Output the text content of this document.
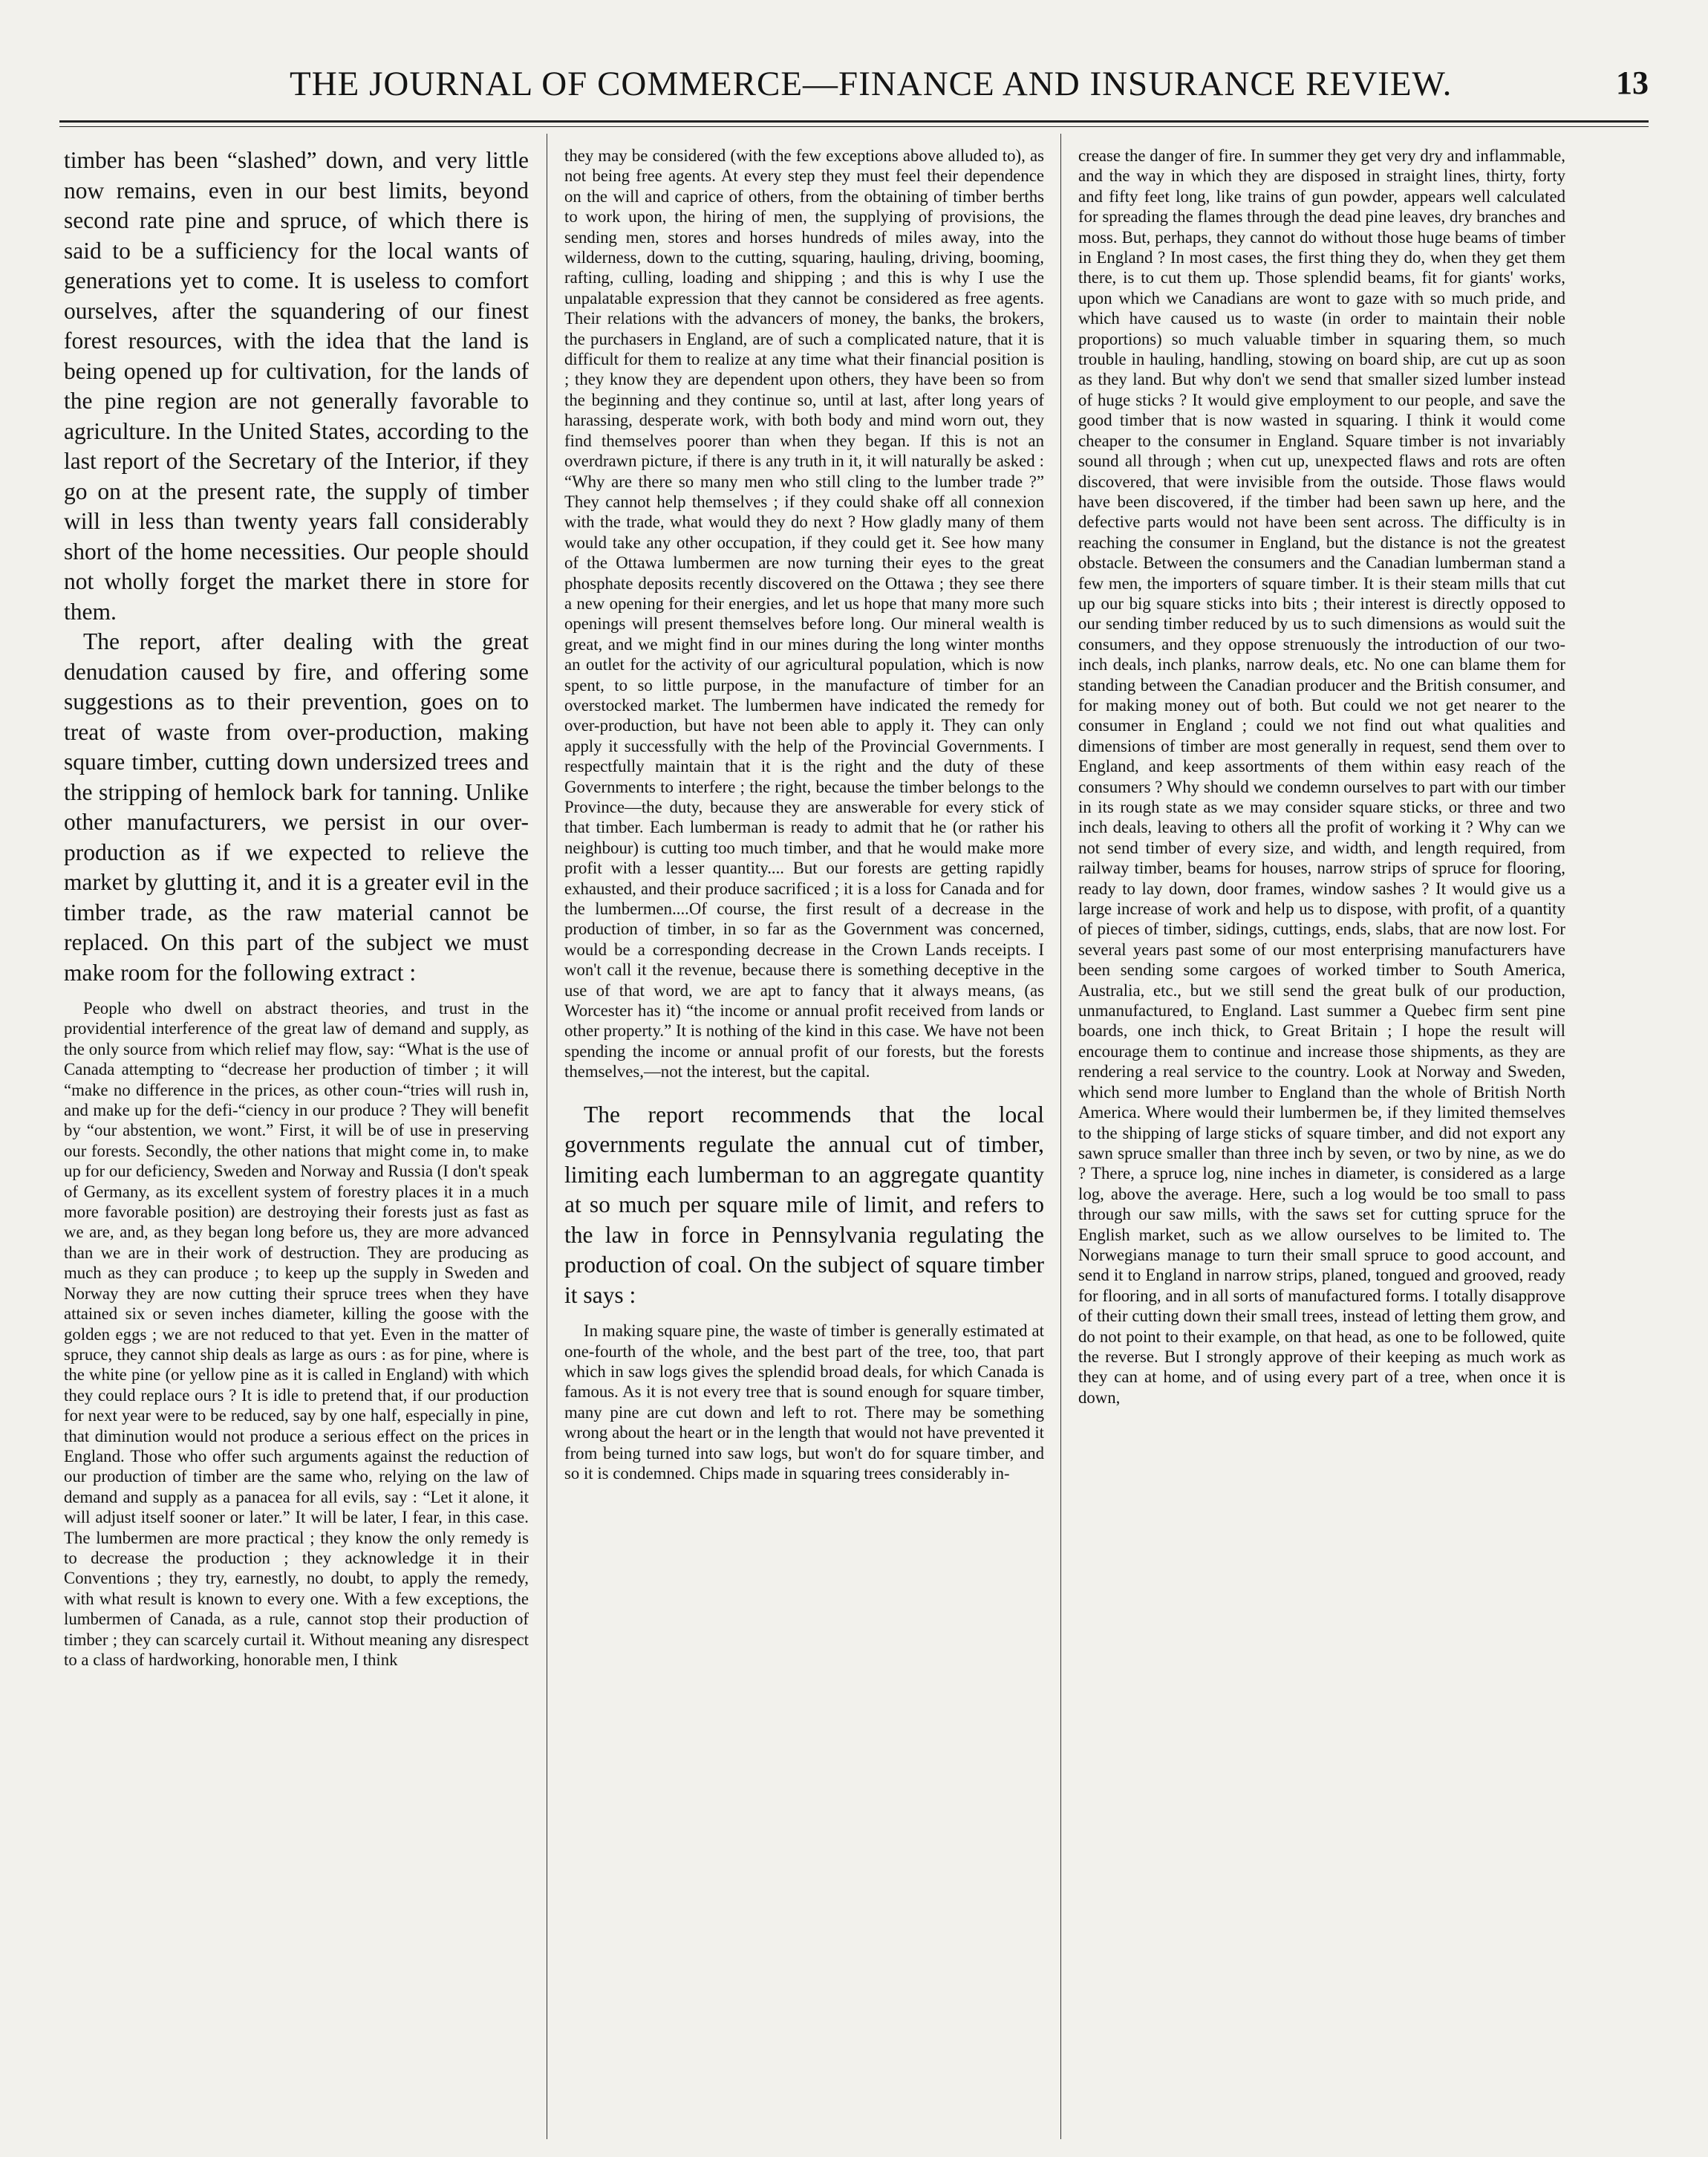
THE JOURNAL OF COMMERCE—FINANCE AND INSURANCE REVIEW.	13

timber has been “slashed” down, and very little now remains, even in our best limits, beyond second rate pine and spruce, of which there is said to be a sufficiency for the local wants of generations yet to come. It is useless to comfort ourselves, after the squandering of our finest forest resources, with the idea that the land is being opened up for cultivation, for the lands of the pine region are not generally favorable to agriculture. In the United States, according to the last report of the Secretary of the Interior, if they go on at the present rate, the supply of timber will in less than twenty years fall considerably short of the home necessities. Our people should not wholly forget the market there in store for them.

The report, after dealing with the great denudation caused by fire, and offering some suggestions as to their prevention, goes on to treat of waste from over-production, making square timber, cutting down undersized trees and the stripping of hemlock bark for tanning. Unlike other manufacturers, we persist in our over-production as if we expected to relieve the market by glutting it, and it is a greater evil in the timber trade, as the raw material cannot be replaced. On this part of the subject we must make room for the following extract :

People who dwell on abstract theories, and trust in the providential interference of the great law of demand and supply, as the only source from which relief may flow, say: “What is the use of Canada attempting to “decrease her production of timber ; it will “make no difference in the prices, as other coun-“tries will rush in, and make up for the defi-“ciency in our produce ? They will benefit by “our abstention, we wont.” First, it will be of use in preserving our forests. Secondly, the other nations that might come in, to make up for our deficiency, Sweden and Norway and Russia (I don't speak of Germany, as its excellent system of forestry places it in a much more favorable position) are destroying their forests just as fast as we are, and, as they began long before us, they are more advanced than we are in their work of destruction. They are producing as much as they can produce ; to keep up the supply in Sweden and Norway they are now cutting their spruce trees when they have attained six or seven inches diameter, killing the goose with the golden eggs ; we are not reduced to that yet. Even in the matter of spruce, they cannot ship deals as large as ours : as for pine, where is the white pine (or yellow pine as it is called in England) with which they could replace ours ? It is idle to pretend that, if our production for next year were to be reduced, say by one half, especially in pine, that diminution would not produce a serious effect on the prices in England. Those who offer such arguments against the reduction of our production of timber are the same who, relying on the law of demand and supply as a panacea for all evils, say : “Let it alone, it will adjust itself sooner or later.” It will be later, I fear, in this case. The lumbermen are more practical ; they know the only remedy is to decrease the production ; they acknowledge it in their Conventions ; they try, earnestly, no doubt, to apply the remedy, with what result is known to every one. With a few exceptions, the lumbermen of Canada, as a rule, cannot stop their production of timber ; they can scarcely curtail it. Without meaning any disrespect to a class of hardworking, honorable men, I think

they may be considered (with the few exceptions above alluded to), as not being free agents. At every step they must feel their dependence on the will and caprice of others, from the obtaining of timber berths to work upon, the hiring of men, the supplying of provisions, the sending men, stores and horses hundreds of miles away, into the wilderness, down to the cutting, squaring, hauling, driving, booming, rafting, culling, loading and shipping ; and this is why I use the unpalatable expression that they cannot be considered as free agents. Their relations with the advancers of money, the banks, the brokers, the purchasers in England, are of such a complicated nature, that it is difficult for them to realize at any time what their financial position is ; they know they are dependent upon others, they have been so from the beginning and they continue so, until at last, after long years of harassing, desperate work, with both body and mind worn out, they find themselves poorer than when they began. If this is not an overdrawn picture, if there is any truth in it, it will naturally be asked : “Why are there so many men who still cling to the lumber trade ?” They cannot help themselves ; if they could shake off all connexion with the trade, what would they do next ? How gladly many of them would take any other occupation, if they could get it. See how many of the Ottawa lumbermen are now turning their eyes to the great phosphate deposits recently discovered on the Ottawa ; they see there a new opening for their energies, and let us hope that many more such openings will present themselves before long. Our mineral wealth is great, and we might find in our mines during the long winter months an outlet for the activity of our agricultural population, which is now spent, to so little purpose, in the manufacture of timber for an overstocked market. The lumbermen have indicated the remedy for over-production, but have not been able to apply it. They can only apply it successfully with the help of the Provincial Governments. I respectfully maintain that it is the right and the duty of these Governments to interfere ; the right, because the timber belongs to the Province—the duty, because they are answerable for every stick of that timber. Each lumberman is ready to admit that he (or rather his neighbour) is cutting too much timber, and that he would make more profit with a lesser quantity.... But our forests are getting rapidly exhausted, and their produce sacrificed ; it is a loss for Canada and for the lumbermen....Of course, the first result of a decrease in the production of timber, in so far as the Government was concerned, would be a corresponding decrease in the Crown Lands receipts. I won't call it the revenue, because there is something deceptive in the use of that word, we are apt to fancy that it always means, (as Worcester has it) “the income or annual profit received from lands or other property.” It is nothing of the kind in this case. We have not been spending the income or annual profit of our forests, but the forests themselves,—not the interest, but the capital.

The report recommends that the local governments regulate the annual cut of timber, limiting each lumberman to an aggregate quantity at so much per square mile of limit, and refers to the law in force in Pennsylvania regulating the production of coal. On the subject of square timber it says :

In making square pine, the waste of timber is generally estimated at one-fourth of the whole, and the best part of the tree, too, that part which in saw logs gives the splendid broad deals, for which Canada is famous. As it is not every tree that is sound enough for square timber, many pine are cut down and left to rot. There may be something wrong about the heart or in the length that would not have prevented it from being turned into saw logs, but won't do for square timber, and so it is condemned. Chips made in squaring trees considerably in-

crease the danger of fire. In summer they get very dry and inflammable, and the way in which they are disposed in straight lines, thirty, forty and fifty feet long, like trains of gun powder, appears well calculated for spreading the flames through the dead pine leaves, dry branches and moss. But, perhaps, they cannot do without those huge beams of timber in England ? In most cases, the first thing they do, when they get them there, is to cut them up. Those splendid beams, fit for giants' works, upon which we Canadians are wont to gaze with so much pride, and which have caused us to waste (in order to maintain their noble proportions) so much valuable timber in squaring them, so much trouble in hauling, handling, stowing on board ship, are cut up as soon as they land. But why don't we send that smaller sized lumber instead of huge sticks ? It would give employment to our people, and save the good timber that is now wasted in squaring. I think it would come cheaper to the consumer in England. Square timber is not invariably sound all through ; when cut up, unexpected flaws and rots are often discovered, that were invisible from the outside. Those flaws would have been discovered, if the timber had been sawn up here, and the defective parts would not have been sent across. The difficulty is in reaching the consumer in England, but the distance is not the greatest obstacle. Between the consumers and the Canadian lumberman stand a few men, the importers of square timber. It is their steam mills that cut up our big square sticks into bits ; their interest is directly opposed to our sending timber reduced by us to such dimensions as would suit the consumers, and they oppose strenuously the introduction of our two-inch deals, inch planks, narrow deals, etc. No one can blame them for standing between the Canadian producer and the British consumer, and for making money out of both. But could we not get nearer to the consumer in England ; could we not find out what qualities and dimensions of timber are most generally in request, send them over to England, and keep assortments of them within easy reach of the consumers ? Why should we condemn ourselves to part with our timber in its rough state as we may consider square sticks, or three and two inch deals, leaving to others all the profit of working it ? Why can we not send timber of every size, and width, and length required, from railway timber, beams for houses, narrow strips of spruce for flooring, ready to lay down, door frames, window sashes ? It would give us a large increase of work and help us to dispose, with profit, of a quantity of pieces of timber, sidings, cuttings, ends, slabs, that are now lost. For several years past some of our most enterprising manufacturers have been sending some cargoes of worked timber to South America, Australia, etc., but we still send the great bulk of our production, unmanufactured, to England. Last summer a Quebec firm sent pine boards, one inch thick, to Great Britain ; I hope the result will encourage them to continue and increase those shipments, as they are rendering a real service to the country. Look at Norway and Sweden, which send more lumber to England than the whole of British North America. Where would their lumbermen be, if they limited themselves to the shipping of large sticks of square timber, and did not export any sawn spruce smaller than three inch by seven, or two by nine, as we do ? There, a spruce log, nine inches in diameter, is considered as a large log, above the average. Here, such a log would be too small to pass through our saw mills, with the saws set for cutting spruce for the English market, such as we allow ourselves to be limited to. The Norwegians manage to turn their small spruce to good account, and send it to England in narrow strips, planed, tongued and grooved, ready for flooring, and in all sorts of manufactured forms. I totally disapprove of their cutting down their small trees, instead of letting them grow, and do not point to their example, on that head, as one to be followed, quite the reverse. But I strongly approve of their keeping as much work as they can at home, and of using every part of a tree, when once it is down,
